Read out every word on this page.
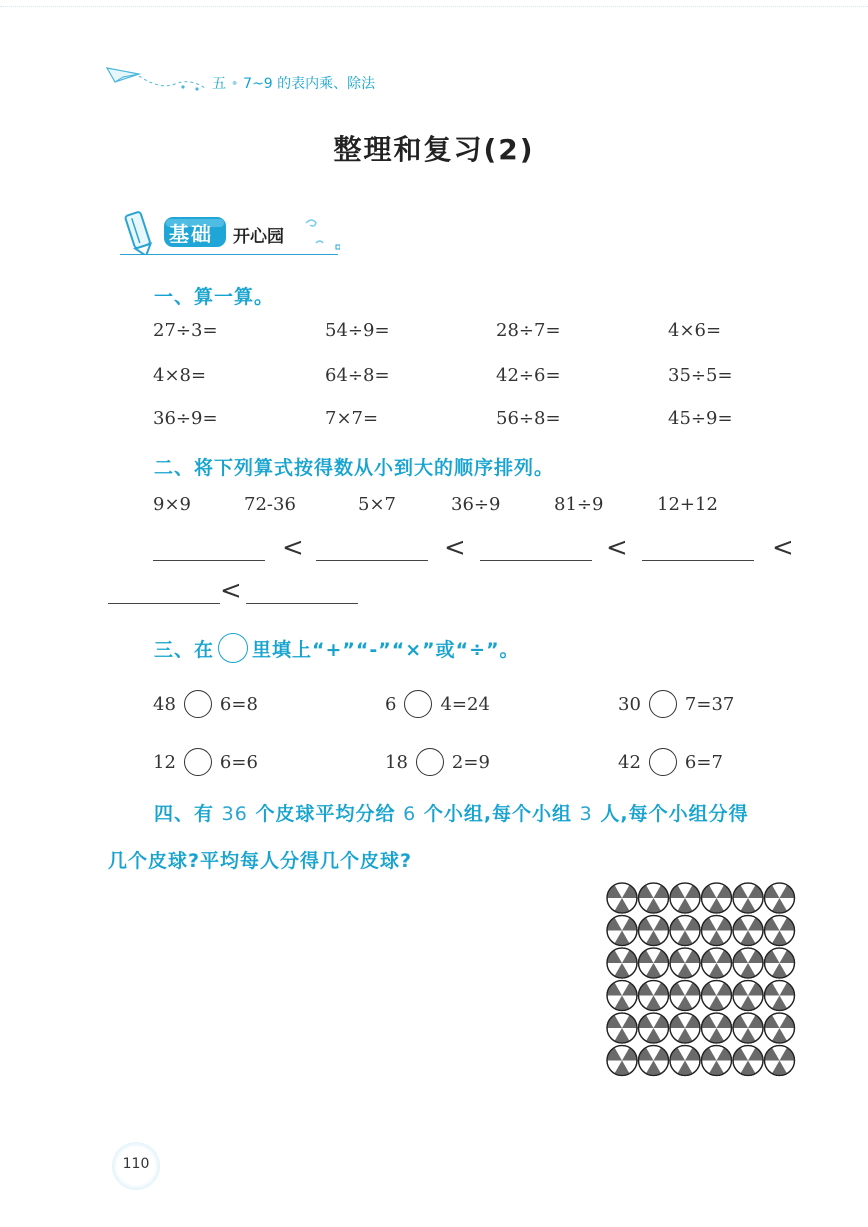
五 • 7~9 的表内乘、除法
整理和复习(2)
基础 开心园
一、算一算。
27÷3=	54÷9=	28÷7=	4×6=
4×8=	64÷8=	42÷6=	35÷5=
36÷9=	7×7=	56÷8=	45÷9=
二、将下列算式按得数从小到大的顺序排列。
9×9	72-36	5×7	36÷9	81÷9	12+12
<	<	<	<
<
三、在 里填上“+”“-”“×”或“÷”。
48 6=8	6 4=24	30 7=37
12 6=6	18 2=9	42 6=7
四、有 36 个皮球平均分给 6 个小组,每个小组 3 人,每个小组分得
几个皮球?平均每人分得几个皮球?
110
